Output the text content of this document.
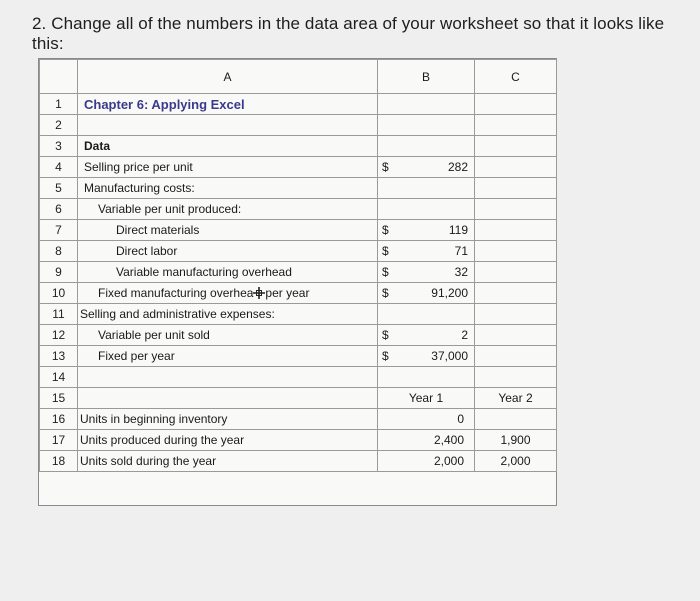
2. Change all of the numbers in the data area of your worksheet so that it looks like this:
	A	B	C
1	Chapter 6: Applying Excel	

2		

3	Data	

4	Selling price per unit	$ 282	

5	Manufacturing costs:	

6	Variable per unit produced:	

7	Direct materials	$ 119	

8	Direct labor	$ 71	

9	Variable manufacturing overhead	$ 32	

10	Fixed manufacturing overhea per year	$ 91,200	

11	Selling and administrative expenses:	

12	Variable per unit sold	$ 2	

13	Fixed per year	$ 37,000	

14		

15		Year 1	Year 2

16	Units in beginning inventory	0	

17	Units produced during the year	2,400	1,900

18	Units sold during the year	2,000	2,000
